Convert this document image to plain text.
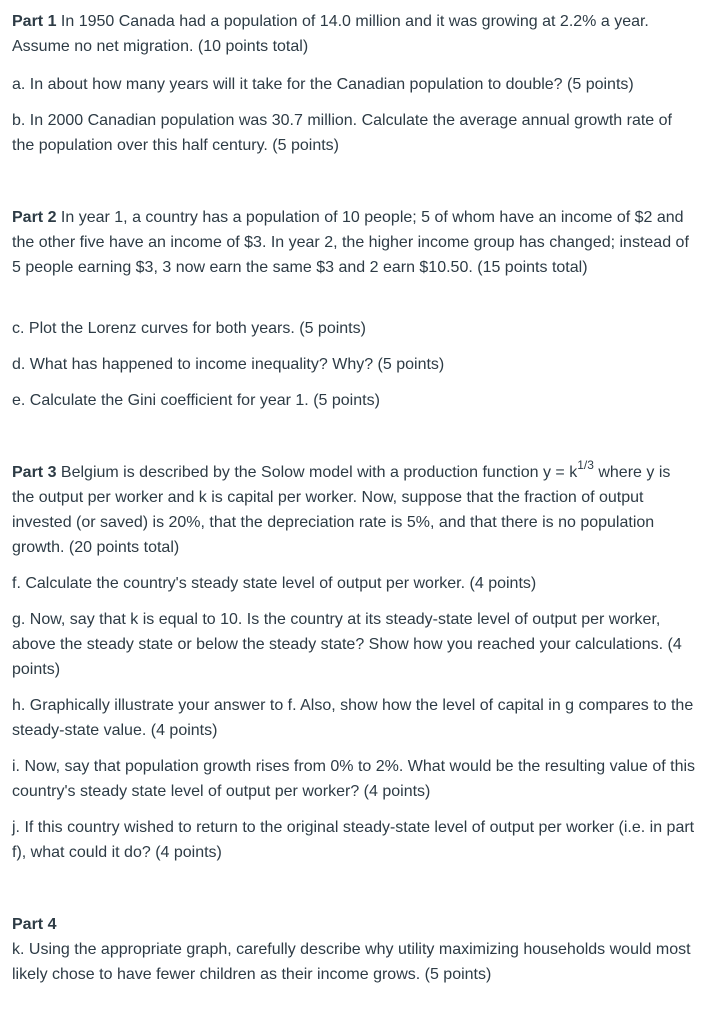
Part 1 In 1950 Canada had a population of 14.0 million and it was growing at 2.2% a year. Assume no net migration. (10 points total)

a. In about how many years will it take for the Canadian population to double? (5 points)

b. In 2000 Canadian population was 30.7 million. Calculate the average annual growth rate of the population over this half century. (5 points)

Part 2 In year 1, a country has a population of 10 people; 5 of whom have an income of $2 and the other five have an income of $3. In year 2, the higher income group has changed; instead of 5 people earning $3, 3 now earn the same $3 and 2 earn $10.50. (15 points total)

c. Plot the Lorenz curves for both years. (5 points)

d. What has happened to income inequality? Why? (5 points)

e. Calculate the Gini coefficient for year 1. (5 points)

Part 3 Belgium is described by the Solow model with a production function $y = k^{1/3}$ where y is the output per worker and k is capital per worker. Now, suppose that the fraction of output invested (or saved) is 20%, that the depreciation rate is 5%, and that there is no population growth. (20 points total)

f. Calculate the country's steady state level of output per worker. (4 points)

g. Now, say that k is equal to 10. Is the country at its steady-state level of output per worker, above the steady state or below the steady state? Show how you reached your calculations. (4 points)

h. Graphically illustrate your answer to f. Also, show how the level of capital in g compares to the steady-state value. (4 points)

i. Now, say that population growth rises from 0% to 2%. What would be the resulting value of this country's steady state level of output per worker? (4 points)

j. If this country wished to return to the original steady-state level of output per worker (i.e. in part f), what could it do? (4 points)

Part 4
k. Using the appropriate graph, carefully describe why utility maximizing households would most likely chose to have fewer children as their income grows. (5 points)
